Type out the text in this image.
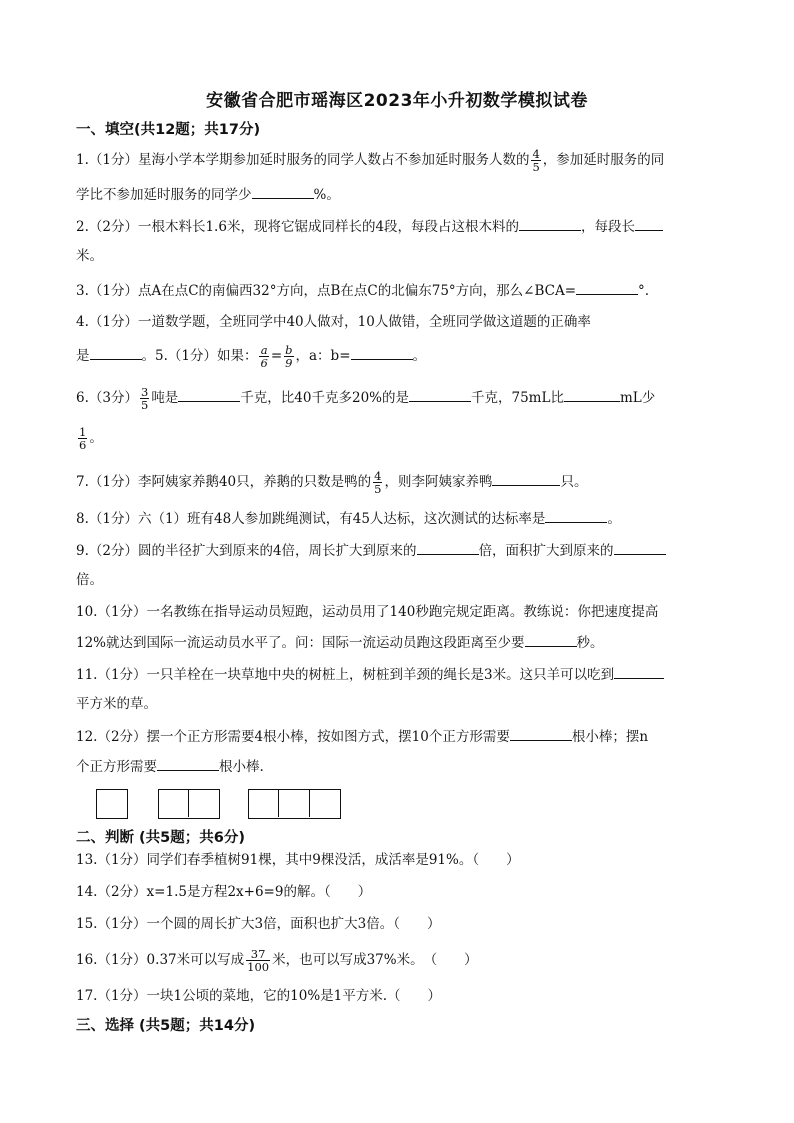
安徽省合肥市瑶海区2023年小升初数学模拟试卷
一、填空(共12题；共17分)
1.（1分）星海小学本学期参加延时服务的同学人数占不参加延时服务人数的 $\frac{4}{5}$ ，参加延时服务的同
学比不参加延时服务的同学少	%。
2.（2分）一根木料长1.6米，现将它锯成同样长的4段，每段占这根木料的	，每段长
米。
3.（1分）点A在点C的南偏西32°方向，点B在点C的北偏东75°方向，那么∠BCA=	°.
4.（1分）一道数学题，全班同学中40人做对，10人做错，全班同学做这道题的正确率
是	。5.（1分）如果： $\frac{a}{6} = \frac{b}{9}$ ，a：b=	。
6.（3分） $\frac{3}{5}$ 吨是	千克，比40千克多20%的是	千克，75mL比	mL少
$\frac{1}{6}$ 。
7.（1分）李阿姨家养鹅40只，养鹅的只数是鸭的 $\frac{4}{5}$ ，则李阿姨家养鸭	只。
8.（1分）六（1）班有48人参加跳绳测试，有45人达标，这次测试的达标率是	。
9.（2分）圆的半径扩大到原来的4倍，周长扩大到原来的	倍，面积扩大到原来的
倍。
10.（1分）一名教练在指导运动员短跑，运动员用了140秒跑完规定距离。教练说：你把速度提高
12%就达到国际一流运动员水平了。问：国际一流运动员跑这段距离至少要	秒。
11.（1分）一只羊栓在一块草地中央的树桩上，树桩到羊颈的绳长是3米。这只羊可以吃到
平方米的草。
12.（2分）摆一个正方形需要4根小棒，按如图方式，摆10个正方形需要	根小棒；摆n
个正方形需要	根小棒.
二、判断 (共5题；共6分)
13.（1分）同学们春季植树91棵，其中9棵没活，成活率是91%。（　　）
14.（2分）x=1.5是方程2x+6=9的解。（　　）
15.（1分）一个圆的周长扩大3倍，面积也扩大3倍。（　　）
16.（1分）0.37米可以写成 $\frac{37}{100}$ 米，也可以写成37%米。　（　　）
17.（1分）一块1公顷的菜地，它的10%是1平方米.（　　）
三、选择 (共5题；共14分)
